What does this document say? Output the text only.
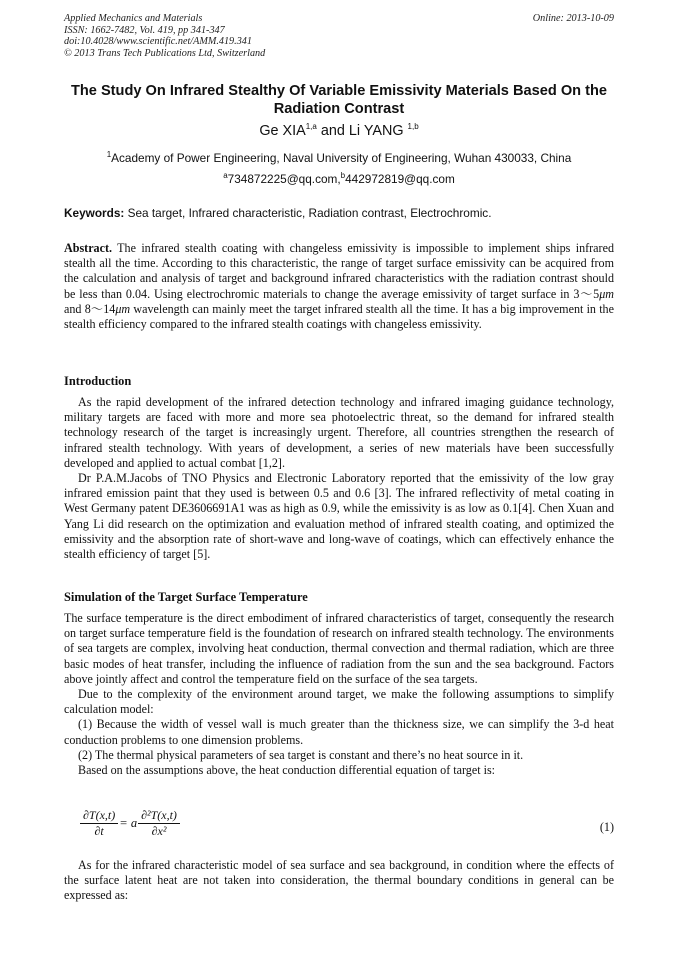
Applied Mechanics and Materials
ISSN: 1662-7482, Vol. 419, pp 341-347
doi:10.4028/www.scientific.net/AMM.419.341
© 2013 Trans Tech Publications Ltd, Switzerland
Online: 2013-10-09
The Study On Infrared Stealthy Of Variable Emissivity Materials Based On the Radiation Contrast
Ge XIA$^{1,a}$ and Li YANG $^{1,b}$
$^1$Academy of Power Engineering, Naval University of Engineering, Wuhan 430033, China
$^a$734872225@qq.com,$^b$442972819@qq.com
Keywords: Sea target, Infrared characteristic, Radiation contrast, Electrochromic.

Abstract. The infrared stealth coating with changeless emissivity is impossible to implement ships infrared stealth all the time. According to this characteristic, the range of target surface emissivity can be acquired from the calculation and analysis of target and background infrared characteristics with the radiation contrast should be less than 0.04. Using electrochromic materials to change the average emissivity of target surface in 3～5μm and 8～14μm wavelength can mainly meet the target infrared stealth all the time. It has a big improvement in the stealth efficiency compared to the infrared stealth coatings with changeless emissivity.

Introduction

As the rapid development of the infrared detection technology and infrared imaging guidance technology, military targets are faced with more and more sea photoelectric threat, so the demand for infrared stealth technology research of the target is increasingly urgent. Therefore, all countries strengthen the research of infrared stealth technology. With years of development, a series of new materials have been successfully developed and applied to actual combat [1,2].

Dr P.A.M.Jacobs of TNO Physics and Electronic Laboratory reported that the emissivity of the low gray infrared emission paint that they used is between 0.5 and 0.6 [3]. The infrared reflectivity of metal coating in West Germany patent DE3606691A1 was as high as 0.9, while the emissivity is as low as 0.1[4]. Chen Xuan and Yang Li did research on the optimization and evaluation method of infrared stealth coating, and optimized the emissivity and the absorption rate of short-wave and long-wave of coatings, which can effectively enhance the stealth efficiency of target [5].

Simulation of the Target Surface Temperature

The surface temperature is the direct embodiment of infrared characteristics of target, consequently the research on target surface temperature field is the foundation of research on infrared stealth technology. The environments of sea targets are complex, involving heat conduction, thermal convection and thermal radiation, which are three basic modes of heat transfer, including the influence of radiation from the sun and the sea background. Factors above jointly affect and control the temperature field on the surface of the sea targets.

Due to the complexity of the environment around target, we make the following assumptions to simplify calculation model:

(1) Because the width of vessel wall is much greater than the thickness size, we can simplify the 3-d heat conduction problems to one dimension problems.

(2) The thermal physical parameters of sea target is constant and there’s no heat source in it.

Based on the assumptions above, the heat conduction differential equation of target is:

$\frac{\partial T(x,t)}{\partial t} = a \frac{\text{∂²T(x,t)}}{\text{∂x²}}$	(1)

As for the infrared characteristic model of sea surface and sea background, in condition where the effects of the surface latent heat are not taken into consideration, the thermal boundary conditions in general can be expressed as:
